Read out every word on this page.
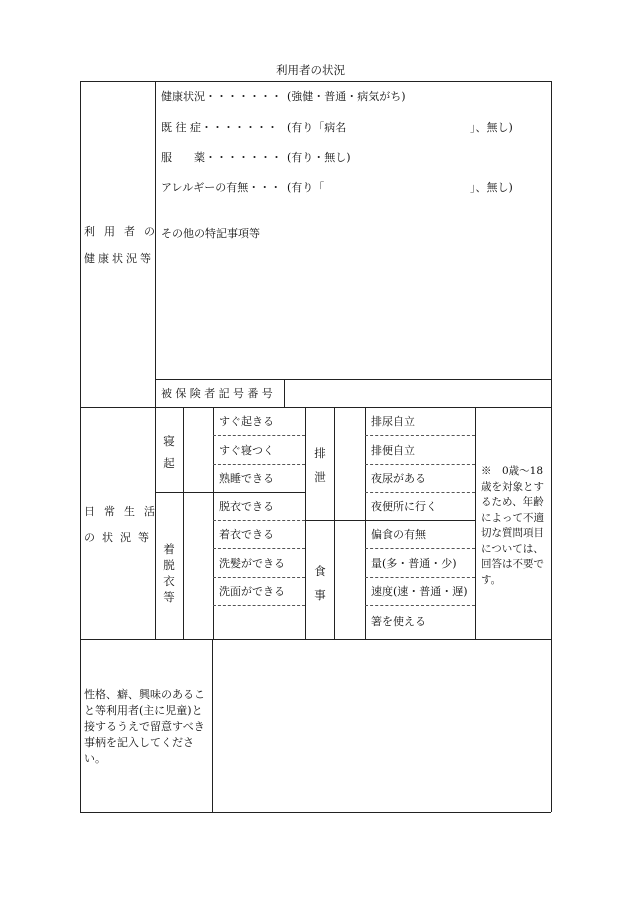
利用者の状況
利用者の
健康状況等
健康状況・・・・・・・ (強健・普通・病気がち)
既 往 症・・・・・・・ (有り「病名	」、無し)
服　　薬・・・・・・・ (有り・無し)
アレルギーの有無・・・ (有り「	」、無し)
その他の特記事項等
被保険者記号番号
日常生活
の状況等
寝起
着脱衣等
排泄
食事
すぐ起きる
すぐ寝つく
熟睡できる
脱衣できる
着衣できる
洗髪ができる
洗面ができる
排尿自立
排便自立
夜尿がある
夜便所に行く
偏食の有無
量(多・普通・少)
速度(速・普通・遅)
箸を使える
※　0歳～18歳を対象とするため、年齢によって不適切な質問項目については、回答は不要です。
性格、癖、興味のあること等利用者(主に児童)と接するうえで留意すべき事柄を記入してください。
